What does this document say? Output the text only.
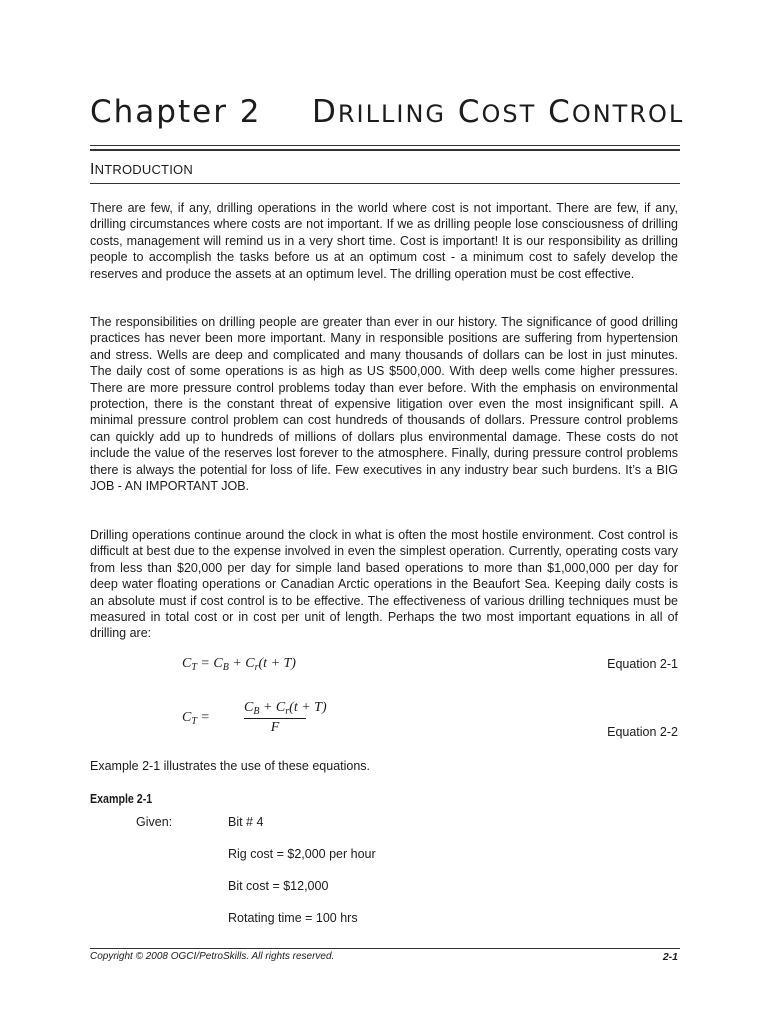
Chapter 2 DRILLING COST CONTROL
INTRODUCTION

There are few, if any, drilling operations in the world where cost is not important. There are few, if any, drilling circumstances where costs are not important. If we as drilling people lose consciousness of drilling costs, management will remind us in a very short time. Cost is important! It is our responsibility as drilling people to accomplish the tasks before us at an optimum cost - a minimum cost to safely develop the reserves and produce the assets at an optimum level. The drilling operation must be cost effective.

The responsibilities on drilling people are greater than ever in our history. The significance of good drilling practices has never been more important. Many in responsible positions are suffering from hypertension and stress. Wells are deep and complicated and many thousands of dollars can be lost in just minutes. The daily cost of some operations is as high as US $500,000. With deep wells come higher pressures. There are more pressure control problems today than ever before. With the emphasis on environmental protection, there is the constant threat of expensive litigation over even the most insignificant spill. A minimal pressure control problem can cost hundreds of thousands of dollars. Pressure control problems can quickly add up to hundreds of millions of dollars plus environmental damage. These costs do not include the value of the reserves lost forever to the atmosphere. Finally, during pressure control problems there is always the potential for loss of life. Few executives in any industry bear such burdens. It’s a BIG JOB - AN IMPORTANT JOB.

Drilling operations continue around the clock in what is often the most hostile environment. Cost control is difficult at best due to the expense involved in even the simplest operation. Currently, operating costs vary from less than $20,000 per day for simple land based operations to more than $1,000,000 per day for deep water floating operations or Canadian Arctic operations in the Beaufort Sea. Keeping daily costs is an absolute must if cost control is to be effective. The effectiveness of various drilling techniques must be measured in total cost or in cost per unit of length. Perhaps the two most important equations in all of drilling are:

$C_T = C_B + C_r(t + T)$	Equation 2-1
$C_T = \frac{C_B + C_r(t + T)}{F}$	Equation 2-2

Example 2-1 illustrates the use of these equations.

Example 2-1
Given:	Bit # 4
Rig cost = $2,000 per hour
Bit cost = $12,000
Rotating time = 100 hrs
Copyright © 2008 OGCI/PetroSkills. All rights reserved.	2-1
